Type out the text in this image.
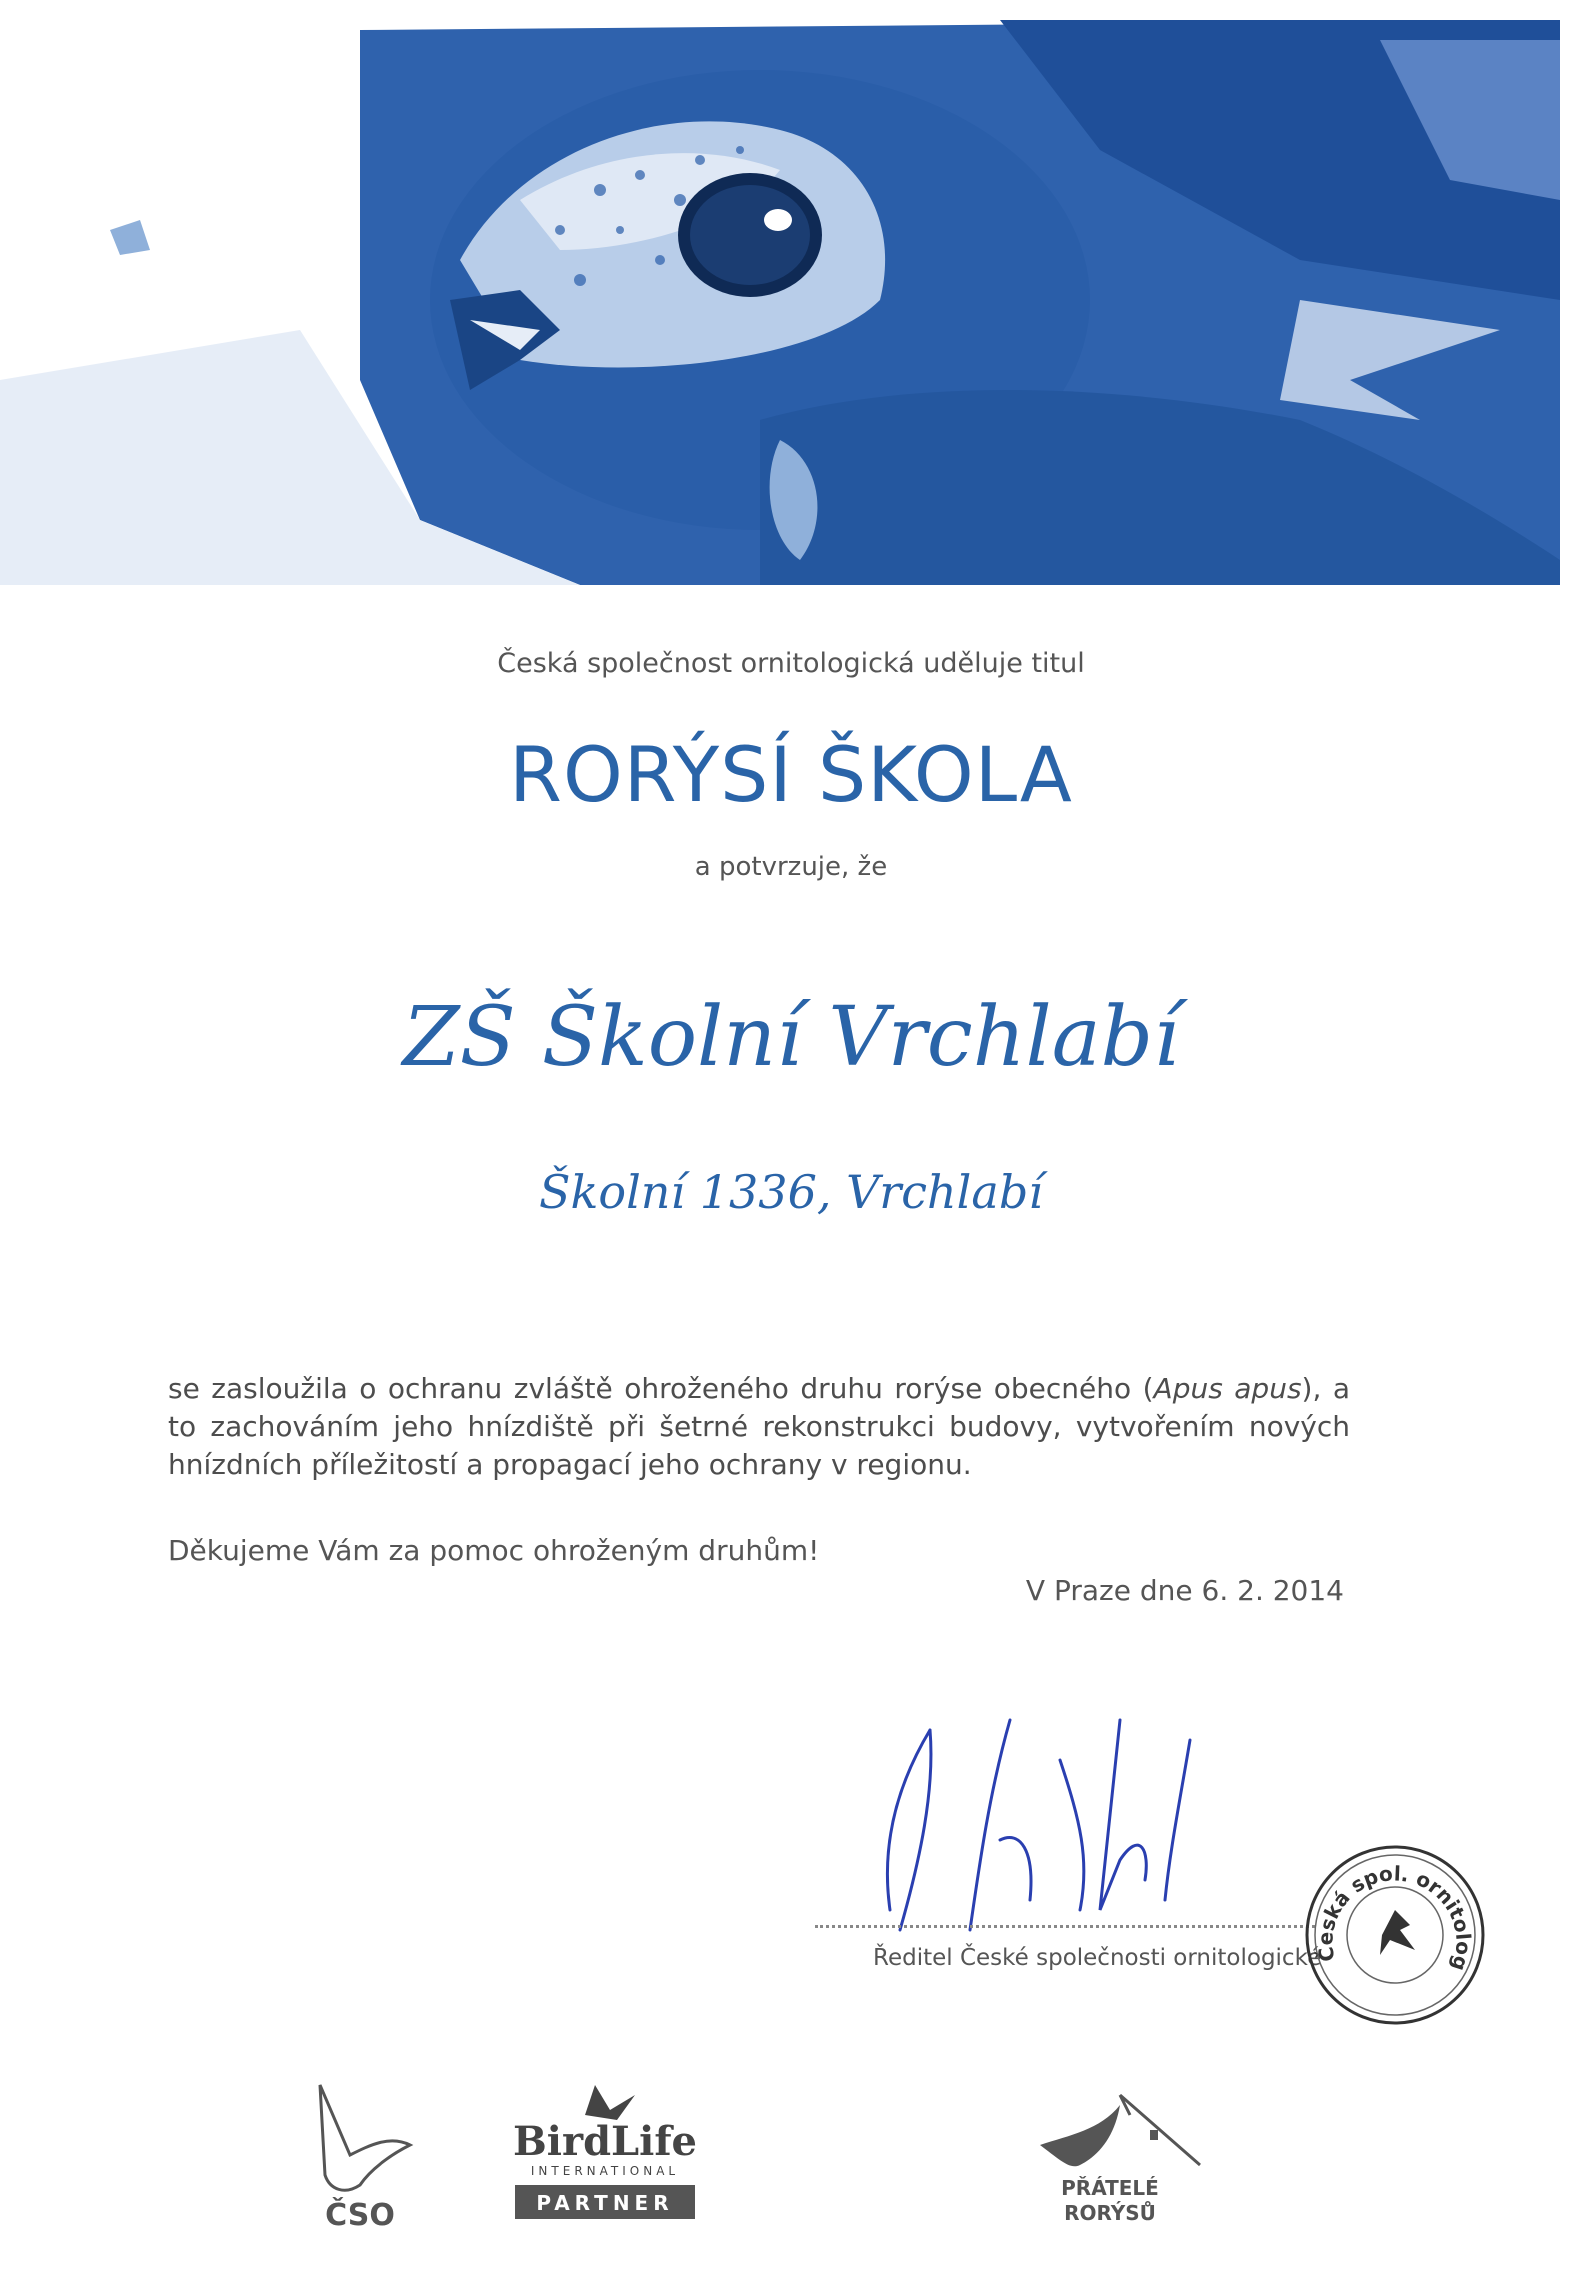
Česká společnost ornitologická uděluje titul
RORÝSÍ ŠKOLA
a potvrzuje, že
ZŠ Školní Vrchlabí
Školní 1336, Vrchlabí
se zasloužila o ochranu zvláště ohroženého druhu rorýse obecného (Apus apus), a to zachováním jeho hnízdiště při šetrné rekonstrukci budovy, vytvořením nových hnízdních příležitostí a propagací jeho ochrany v regionu.
Děkujeme Vám za pomoc ohroženým druhům!
V Praze dne 6. 2. 2014
Ředitel České společnosti ornitologické
Česká spol. ornitolog
ČSO
BirdLife
INTERNATIONAL
PARTNER
PŘÁTELÉ
RORÝSŮ
